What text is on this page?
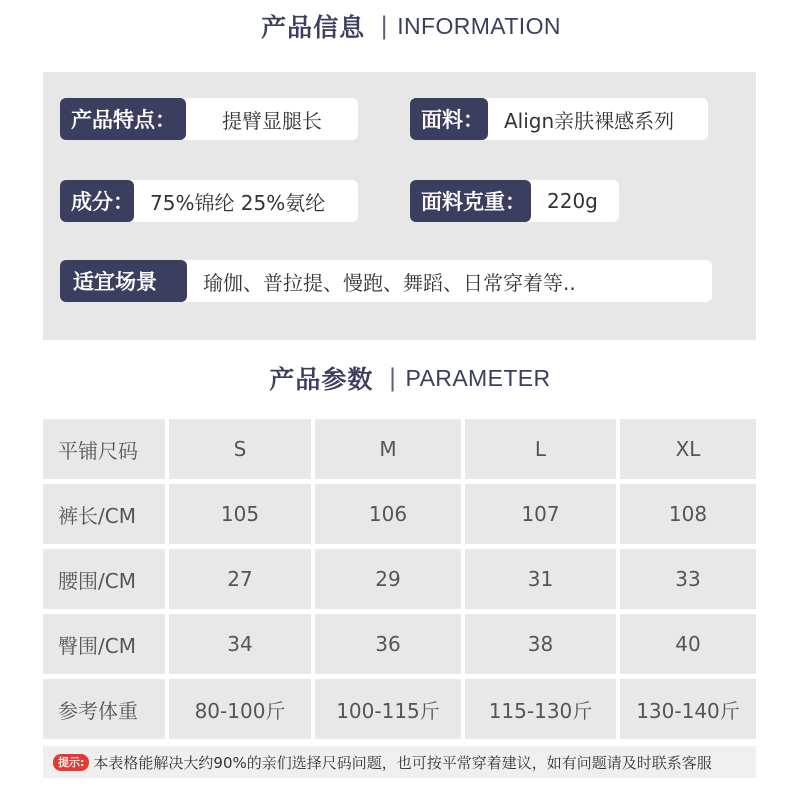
产品信息 | INFORMATION
产品特点：	提臂显腿长	面料：	Align亲肤裸感系列
成分： 75%锦纶 25%氨纶	面料克重：	220g
适宜场景	瑜伽、普拉提、慢跑、舞蹈、日常穿着等..
产品参数 | PARAMETER
平铺尺码	S	M	L	XL
裤长/CM	105	106	107	108
腰围/CM	27	29	31	33
臀围/CM	34	36	38	40
参考体重	80-100斤	100-115斤	115-130斤	130-140斤
提示: 本表格能解决大约90%的亲们选择尺码问题，也可按平常穿着建议，如有问题请及时联系客服
